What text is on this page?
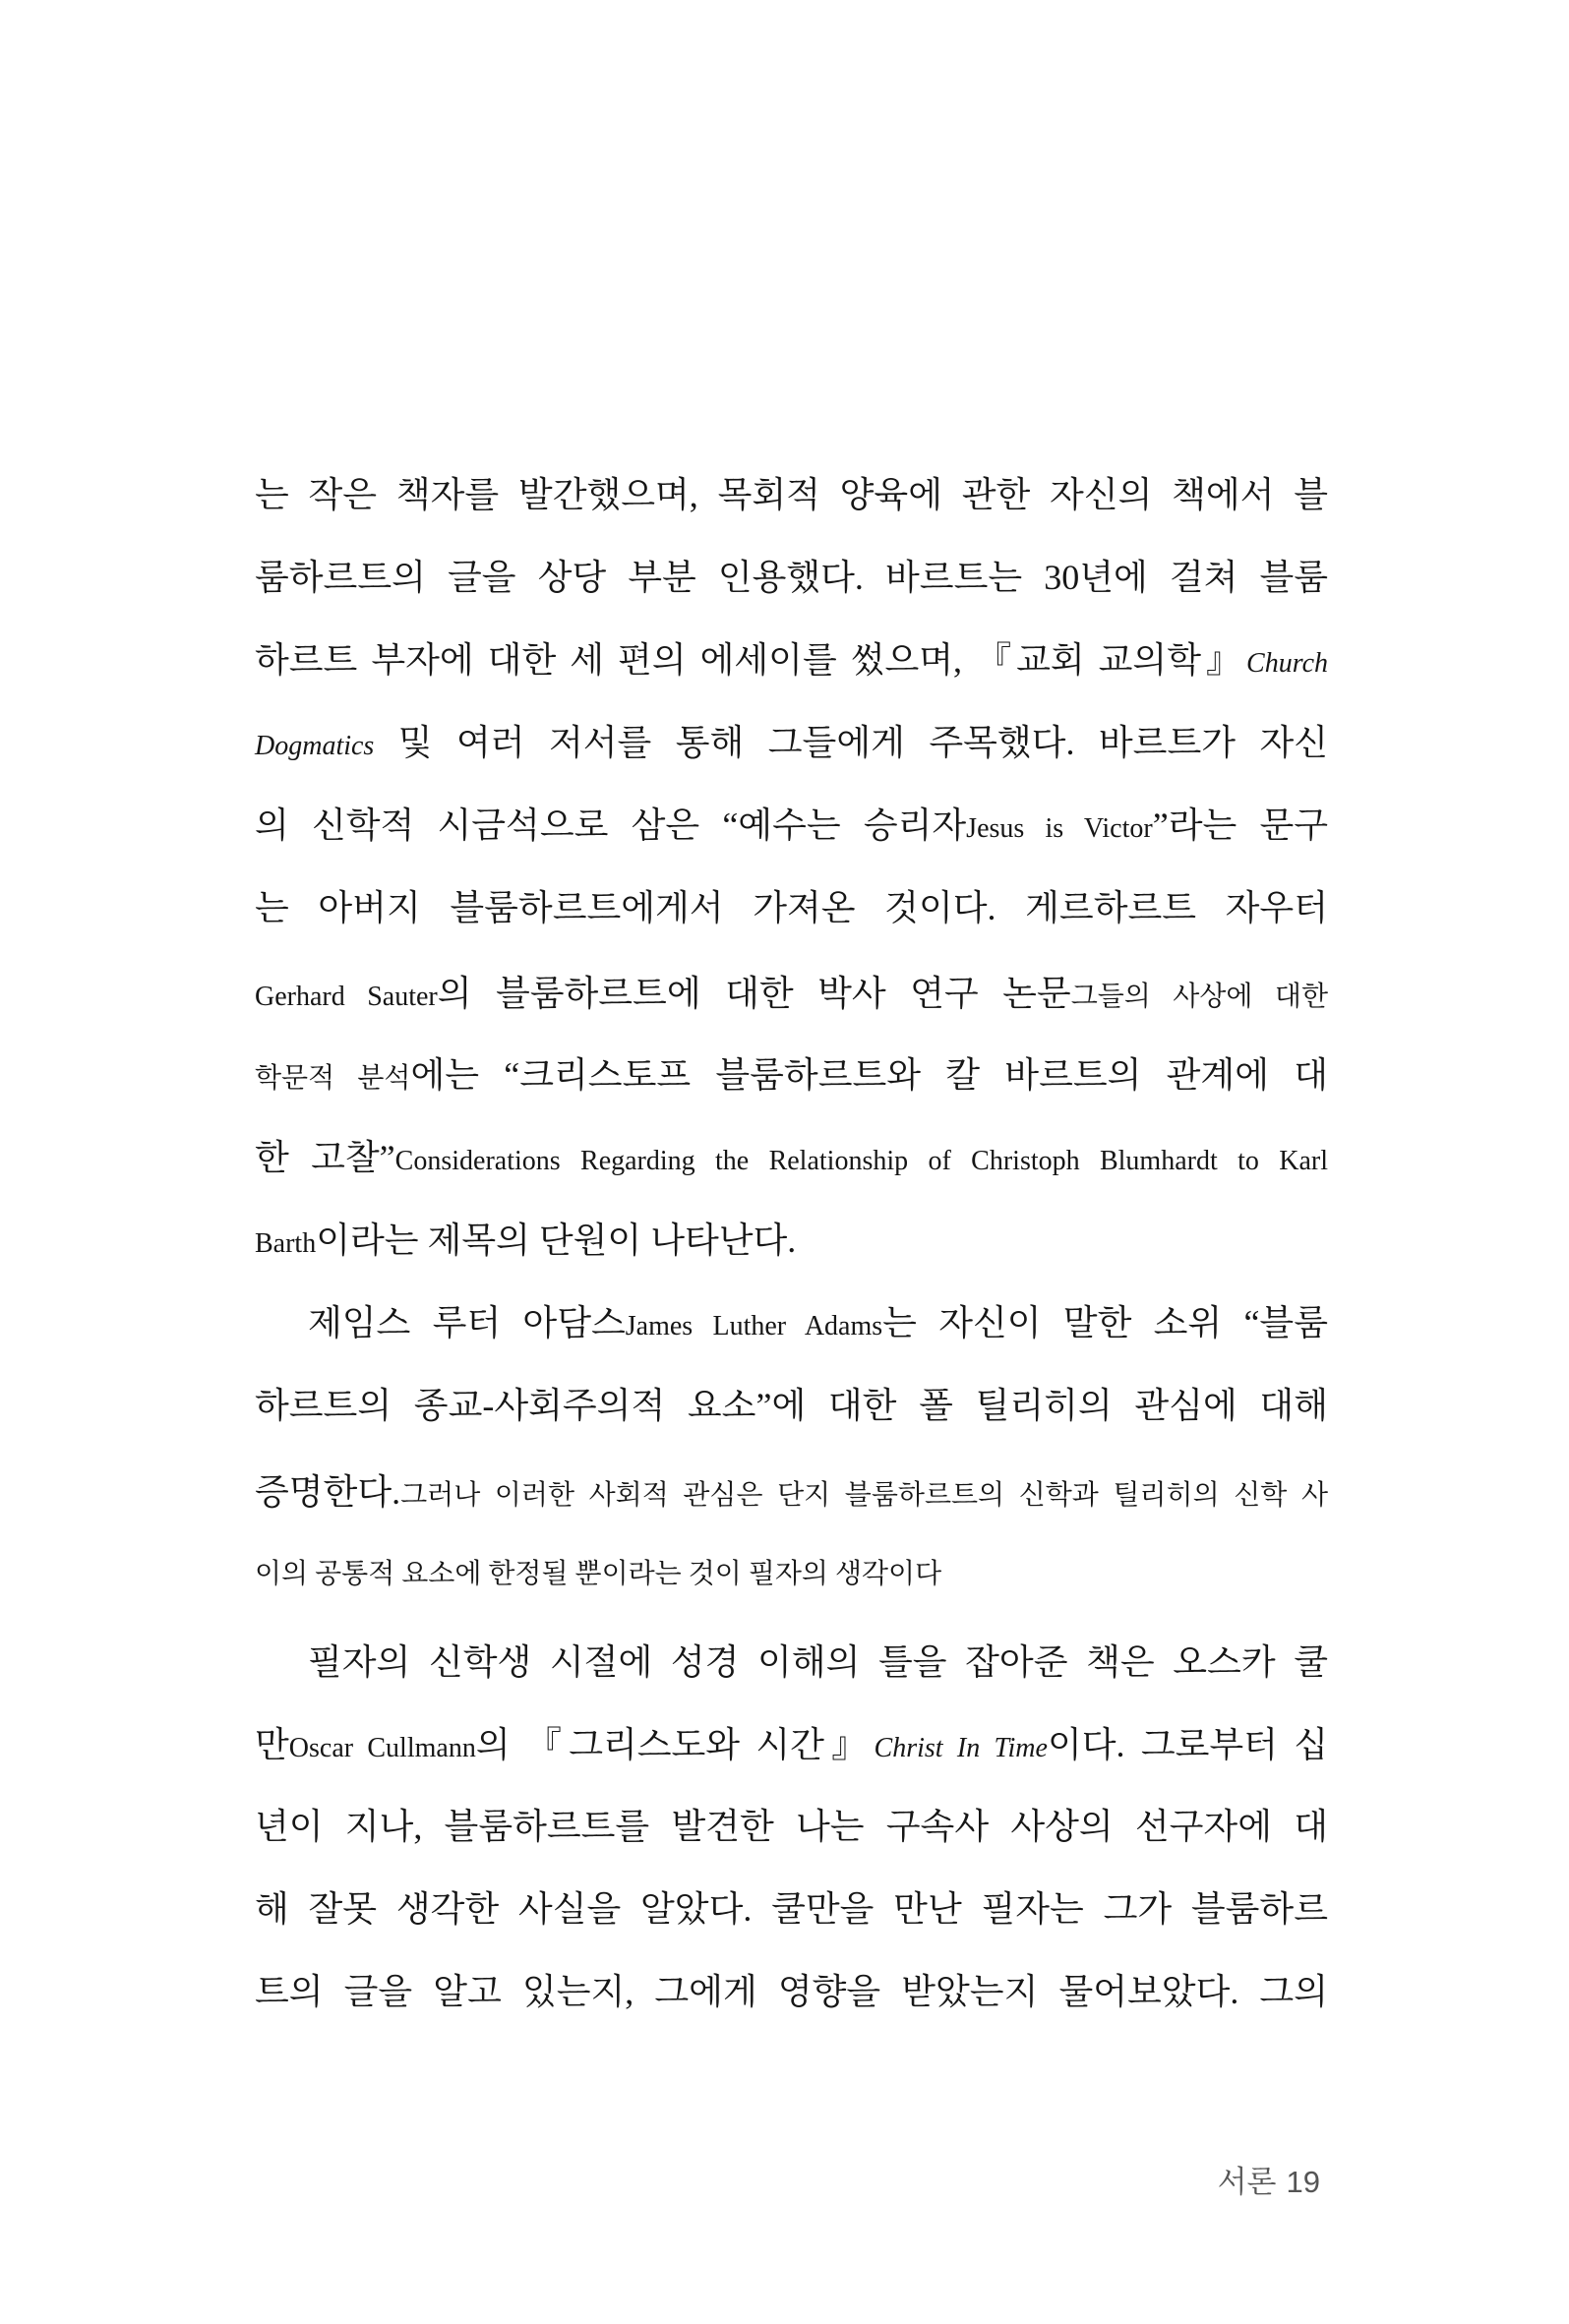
는 작은 책자를 발간했으며, 목회적 양육에 관한 자신의 책에서 블
룸하르트의 글을 상당 부분 인용했다. 바르트는 30년에 걸쳐 블룸
하르트 부자에 대한 세 편의 에세이를 썼으며, 『교회 교의학』Church
Dogmatics 및 여러 저서를 통해 그들에게 주목했다. 바르트가 자신
의 신학적 시금석으로 삼은 “예수는 승리자Jesus is Victor”라는 문구
는 아버지 블룸하르트에게서 가져온 것이다. 게르하르트 자우터
Gerhard Sauter의 블룸하르트에 대한 박사 연구 논문그들의 사상에 대한
학문적 분석에는 “크리스토프 블룸하르트와 칼 바르트의 관계에 대
한 고찰”Considerations Regarding the Relationship of Christoph Blumhardt to Karl
Barth이라는 제목의 단원이 나타난다.
제임스 루터 아담스James Luther Adams는 자신이 말한 소위 “블룸
하르트의 종교-사회주의적 요소”에 대한 폴 틸리히의 관심에 대해
증명한다.그러나 이러한 사회적 관심은 단지 블룸하르트의 신학과 틸리히의 신학 사
이의 공통적 요소에 한정될 뿐이라는 것이 필자의 생각이다
필자의 신학생 시절에 성경 이해의 틀을 잡아준 책은 오스카 쿨
만Oscar Cullmann의 『그리스도와 시간』Christ In Time이다. 그로부터 십
년이 지나, 블룸하르트를 발견한 나는 구속사 사상의 선구자에 대
해 잘못 생각한 사실을 알았다. 쿨만을 만난 필자는 그가 블룸하르
트의 글을 알고 있는지, 그에게 영향을 받았는지 물어보았다. 그의
서론 19
